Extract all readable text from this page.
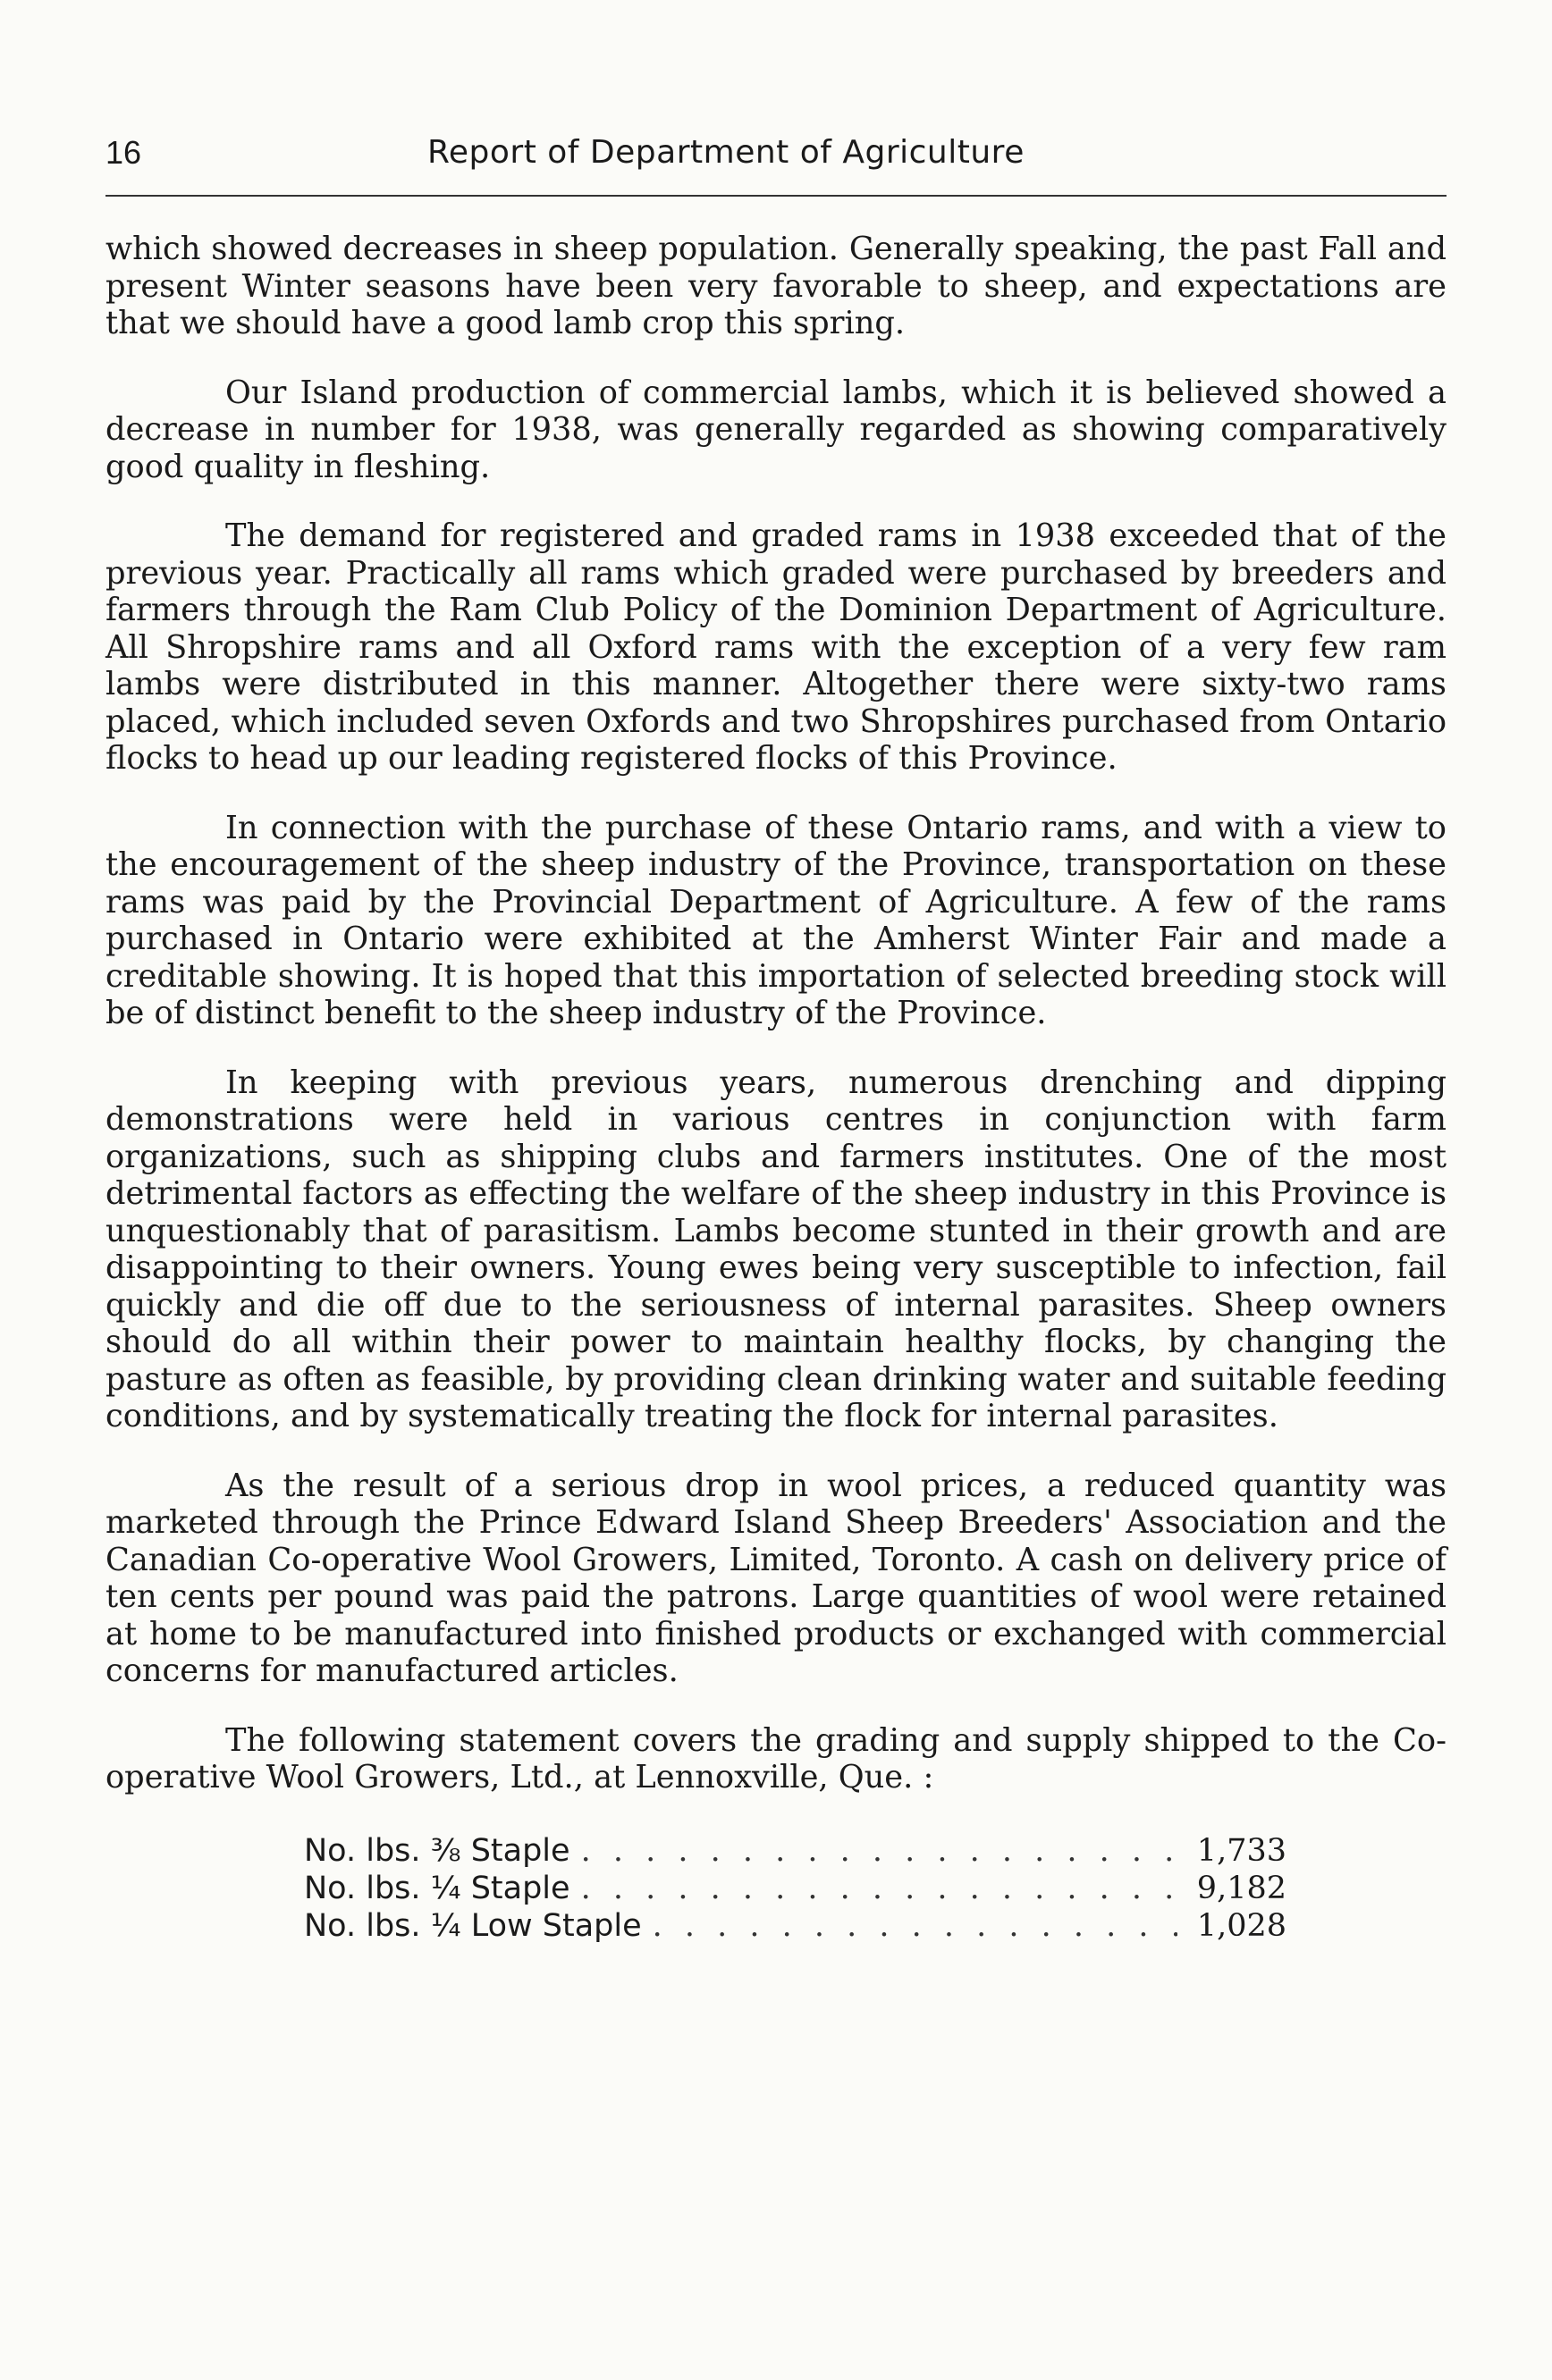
16	Report of Department of Agriculture

which showed decreases in sheep population. Generally speaking, the past Fall and present Winter seasons have been very favorable to sheep, and expectations are that we should have a good lamb crop this spring.

Our Island production of commercial lambs, which it is believed showed a decrease in number for 1938, was generally regarded as showing comparatively good quality in fleshing.

The demand for registered and graded rams in 1938 exceeded that of the previous year. Practically all rams which graded were purchased by breeders and farmers through the Ram Club Policy of the Dominion Department of Agriculture. All Shropshire rams and all Oxford rams with the exception of a very few ram lambs were distributed in this manner. Altogether there were sixty-two rams placed, which included seven Oxfords and two Shropshires purchased from Ontario flocks to head up our leading registered flocks of this Province.

In connection with the purchase of these Ontario rams, and with a view to the encouragement of the sheep industry of the Province, transportation on these rams was paid by the Provincial Department of Agriculture. A few of the rams purchased in Ontario were exhibited at the Amherst Winter Fair and made a creditable showing. It is hoped that this importation of selected breeding stock will be of distinct benefit to the sheep industry of the Province.

In keeping with previous years, numerous drenching and dipping demonstrations were held in various centres in conjunction with farm organizations, such as shipping clubs and farmers institutes. One of the most detrimental factors as effecting the welfare of the sheep industry in this Province is unquestionably that of parasitism. Lambs become stunted in their growth and are disappointing to their owners. Young ewes being very susceptible to infection, fail quickly and die off due to the seriousness of internal parasites. Sheep owners should do all within their power to maintain healthy flocks, by changing the pasture as often as feasible, by providing clean drinking water and suitable feeding conditions, and by systematically treating the flock for internal parasites.

As the result of a serious drop in wool prices, a reduced quantity was marketed through the Prince Edward Island Sheep Breeders' Association and the Canadian Co-operative Wool Growers, Limited, Toronto. A cash on delivery price of ten cents per pound was paid the patrons. Large quantities of wool were retained at home to be manufactured into finished products or exchanged with commercial concerns for manufactured articles.

The following statement covers the grading and supply shipped to the Co-operative Wool Growers, Ltd., at Lennoxville, Que. :

No. lbs. ⅜ Staple . . .	1,733
No. lbs. ¼ Staple . . .	9,182
No. lbs. ¼ Low Staple . . .	1,028
